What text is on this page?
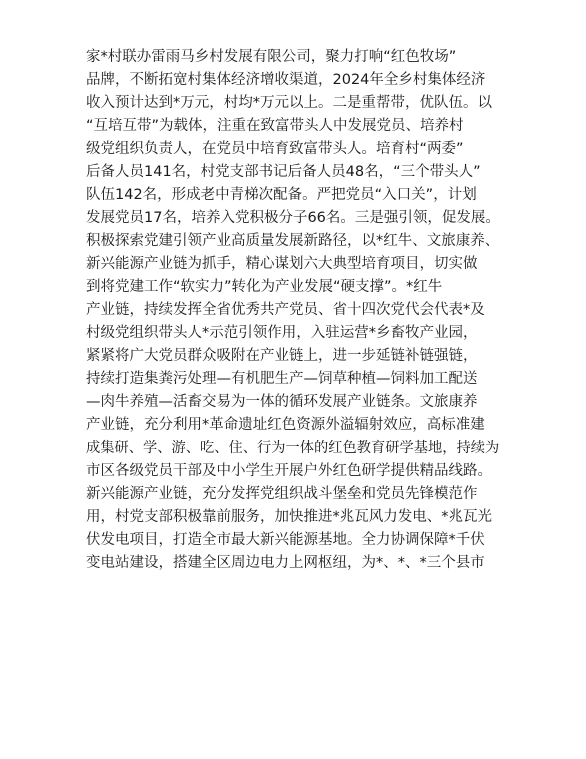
家*村联办雷雨马乡村发展有限公司，聚力打响“红色牧场”
品牌，不断拓宽村集体经济增收渠道，2024年全乡村集体经济
收入预计达到*万元，村均*万元以上。二是重帮带，优队伍。以
“互培互带”为载体，注重在致富带头人中发展党员、培养村
级党组织负责人，在党员中培育致富带头人。培育村“两委”
后备人员141名，村党支部书记后备人员48名，“三个带头人”
队伍142名，形成老中青梯次配备。严把党员“入口关”，计划
发展党员17名，培养入党积极分子66名。三是强引领，促发展。
积极探索党建引领产业高质量发展新路径，以*红牛、文旅康养、
新兴能源产业链为抓手，精心谋划六大典型培育项目，切实做
到将党建工作“软实力”转化为产业发展“硬支撑”。*红牛
产业链，持续发挥全省优秀共产党员、省十四次党代会代表*及
村级党组织带头人*示范引领作用，入驻运营*乡畜牧产业园，
紧紧将广大党员群众吸附在产业链上，进一步延链补链强链，
持续打造集粪污处理—有机肥生产—饲草种植—饲料加工配送
—肉牛养殖—活畜交易为一体的循环发展产业链条。文旅康养
产业链，充分利用*革命遗址红色资源外溢辐射效应，高标准建
成集研、学、游、吃、住、行为一体的红色教育研学基地，持续为
市区各级党员干部及中小学生开展户外红色研学提供精品线路。
新兴能源产业链，充分发挥党组织战斗堡垒和党员先锋模范作
用，村党支部积极靠前服务，加快推进*兆瓦风力发电、*兆瓦光
伏发电项目，打造全市最大新兴能源基地。全力协调保障*千伏
变电站建设，搭建全区周边电力上网枢纽，为*、*、*三个县市
